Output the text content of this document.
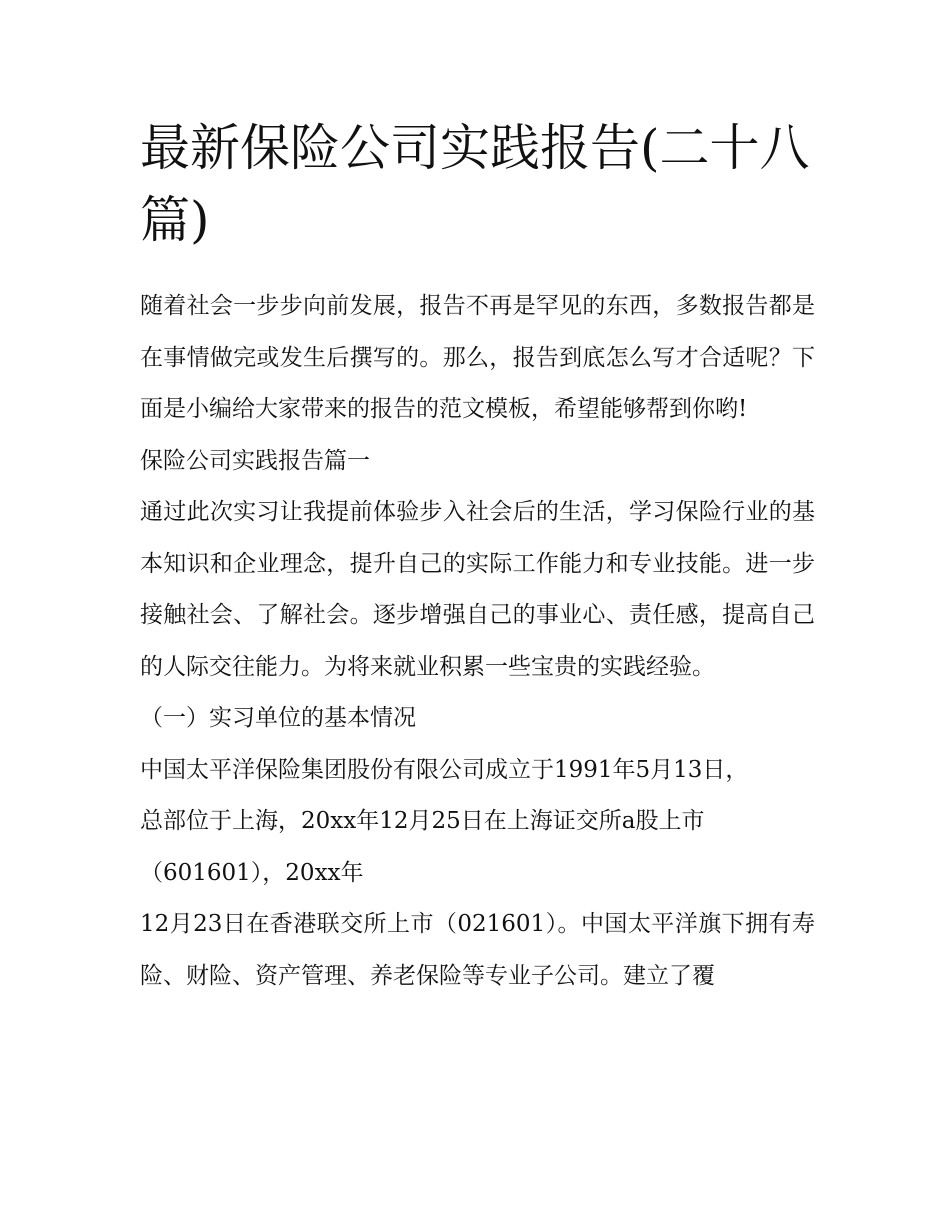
最新保险公司实践报告(二十八篇)

随着社会一步步向前发展，报告不再是罕见的东西，多数报告都是在事情做完或发生后撰写的。那么，报告到底怎么写才合适呢？下面是小编给大家带来的报告的范文模板，希望能够帮到你哟!

保险公司实践报告篇一

通过此次实习让我提前体验步入社会后的生活，学习保险行业的基本知识和企业理念，提升自己的实际工作能力和专业技能。进一步接触社会、了解社会。逐步增强自己的事业心、责任感，提高自己的人际交往能力。为将来就业积累一些宝贵的实践经验。

（一）实习单位的基本情况

中国太平洋保险集团股份有限公司成立于1991年5月13日，

总部位于上海，20xx年12月25日在上海证交所a股上市

（601601），20xx年

12月23日在香港联交所上市（021601）。中国太平洋旗下拥有寿险、财险、资产管理、养老保险等专业子公司。建立了覆
